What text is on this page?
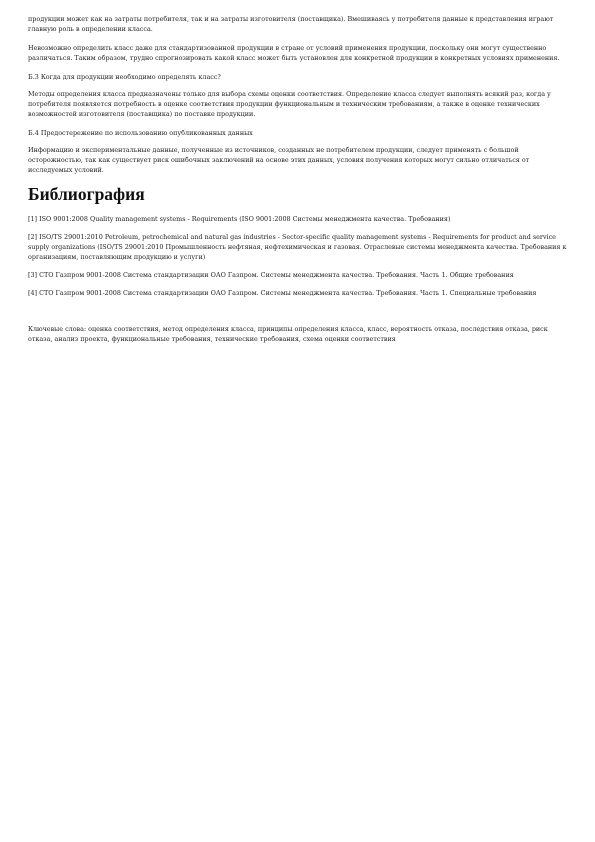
продукции может как на затраты потребителя, так и на затраты изготовителя (поставщика). Вмешиваясь у потребителя данные к представления играют главную роль в определении класса.

Невозможно определить класс даже для стандартизованной продукции в стране от условий применения продукции, поскольку они могут существенно различаться. Таким образом, трудно спрогнозировать какой класс может быть установлен для конкретной продукции в конкретных условиях применения.

Б.3 Когда для продукции необходимо определять класс?

Методы определения класса предназначены только для выбора схемы оценки соответствия. Определение класса следует выполнять всякий раз, когда у потребителя появляется потребность в оценке соответствия продукции функциональным и техническим требованиям, а также в оценке технических возможностей изготовителя (поставщика) по поставке продукции.

Б.4 Предостережение по использованию опубликованных данных

Информацию и экспериментальные данные, полученные из источников, созданных не потребителем продукции, следует применять с большой осторожностью, так как существует риск ошибочных заключений на основе этих данных, условия получения которых могут сильно отличаться от исследуемых условий.

Библиография

[1] ISO 9001:2008 Quality management systems - Requirements (ISO 9001:2008 Системы менеджмента качества. Требования)

[2] ISO/TS 29001:2010 Petroleum, petrochemical and natural gas industries - Sector-specific quality management systems - Requirements for product and service supply organizations (ISO/TS 29001:2010 Промышленность нефтяная, нефтехимическая и газовая. Отраслевые системы менеджмента качества. Требования к организациям, поставляющим продукцию и услуги)

[3] СТО Газпром 9001-2008 Система стандартизации ОАО Газпром. Системы менеджмента качества. Требования. Часть 1. Общие требования

[4] СТО Газпром 9001-2008 Система стандартизации ОАО Газпром. Системы менеджмента качества. Требования. Часть 1. Специальные требования

Ключевые слова: оценка соответствия, метод определения класса, принципы определения класса, класс, вероятность отказа, последствия отказа, риск отказа, анализ проекта, функциональные требования, технические требования, схема оценки соответствия
